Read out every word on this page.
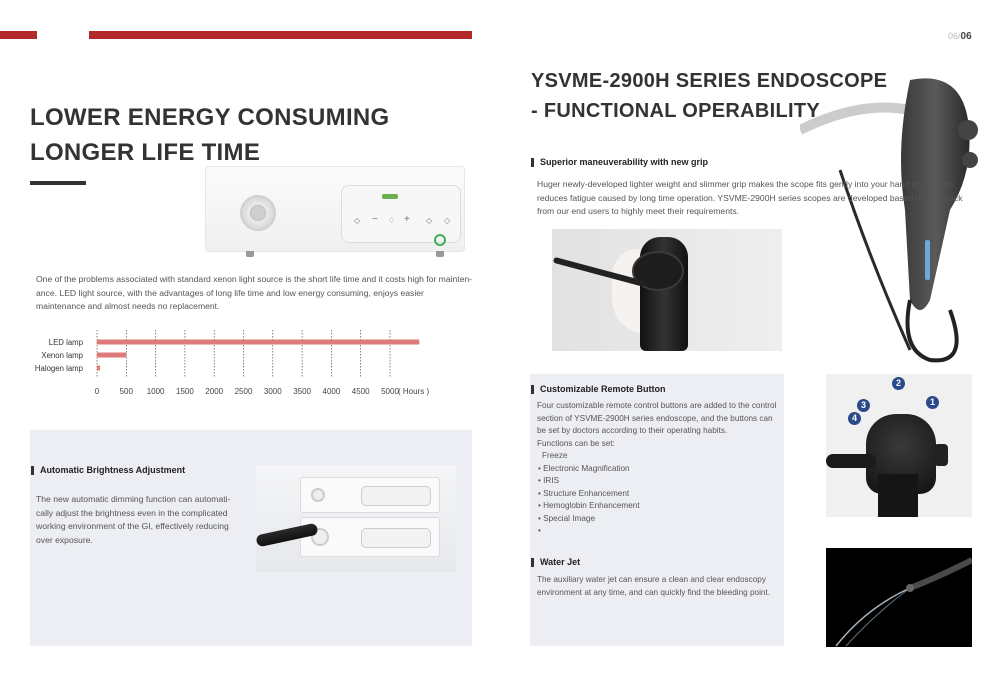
06/06
LOWER ENERGY CONSUMING
LONGER LIFE TIME
◇ − ♢ + ◇ ◇
One of the problems associated with standard xenon light source is the short life time and it costs high for mainten-ance. LED light source, with the advantages of long life time and low energy consuming, enjoys easier maintenance and almost needs no replacement.
0	500 1000 1500 2000 2500 3000 3500 4000 4500 5000 ( Hours )
LED lamp
Xenon lamp
Halogen lamp
Automatic Brightness Adjustment
The new automatic dimming function can automati-cally adjust the brightness even in the complicated working environment of the GI, effectively reducing over exposure.
YSVME-2900H SERIES ENDOSCOPE
- FUNCTIONAL OPERABILITY
Superior maneuverability with new grip
Huger newly-developed lighter weight and slimmer grip makes the scope fits gently into your hand and greatly reduces fatigue caused by long time operation. YSVME-2900H series scopes are developed based on feedback from our end users to highly meet their requirements.
Customizable Remote Button
Four customizable remote control buttons are added to the control section of YSVME-2900H series endoscope, and the buttons can be set by doctors according to their operating habits.
Functions can be set:
Freeze
• Electronic Magnification
• IRIS
• Structure Enhancement
• Hemoglobin Enhancement
• Special Image
•
Water Jet
The auxiliary water jet can ensure a clean and clear endoscopy environment at any time, and can quickly find the bleeding point.
1
2
3
4
